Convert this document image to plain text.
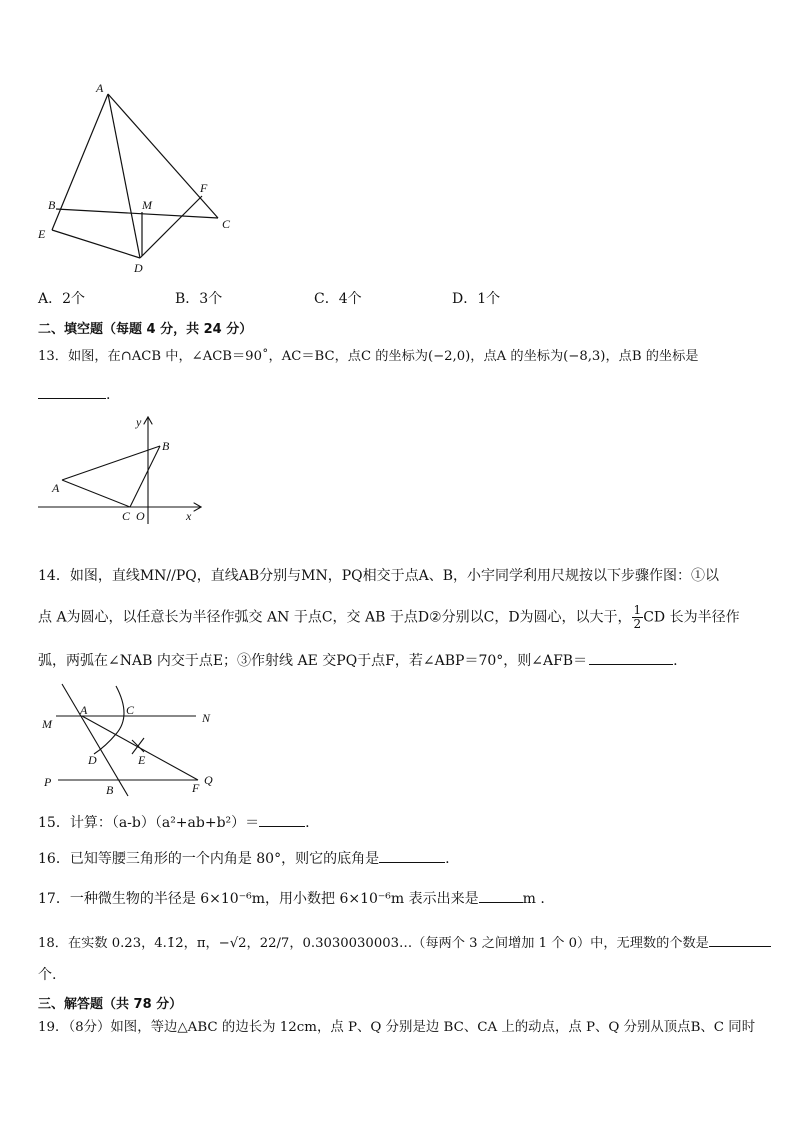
A
B
E
M
F
C
D
A．2个	B．3个	C．4个	D．1个
二、填空题（每题 4 分，共 24 分）
13．如图，在∩ACB 中，∠ACB＝90˚，AC＝BC，点C 的坐标为(−2,0)，点A 的坐标为(−8,3)，点B 的坐标是
.
y
B
A
C O	x
14．如图，直线MN//PQ，直线AB分别与MN，PQ相交于点A、B，小宇同学利用尺规按以下步骤作图：①以
点 A为圆心，以任意长为半径作弧交 AN 于点C，交 AB 于点D②分别以C，D为圆心，以大于， $\frac{1}{2}$ CD 长为半径作
弧，两弧在∠NAB 内交于点E；③作射线 AE 交PQ于点F，若∠ABP＝70°，则∠AFB＝	.
M
A	C
N
D	E
P
B	F
Q
15．计算：（a-b）（a²+ab+b²）＝	.
16．已知等腰三角形的一个内角是 80°，则它的底角是	.
17．一种微生物的半径是 6×10⁻⁶m，用小数把 6×10⁻⁶m 表示出来是	m .
18．在实数 0.23，4.1̇2̇，π，−√2，22/7，0.3030030003…（每两个 3 之间增加 1 个 0）中，无理数的个数是
个.
三、解答题（共 78 分）
19．（8分）如图，等边△ABC 的边长为 12cm，点 P、Q 分别是边 BC、CA 上的动点，点 P、Q 分别从顶点B、C 同时
